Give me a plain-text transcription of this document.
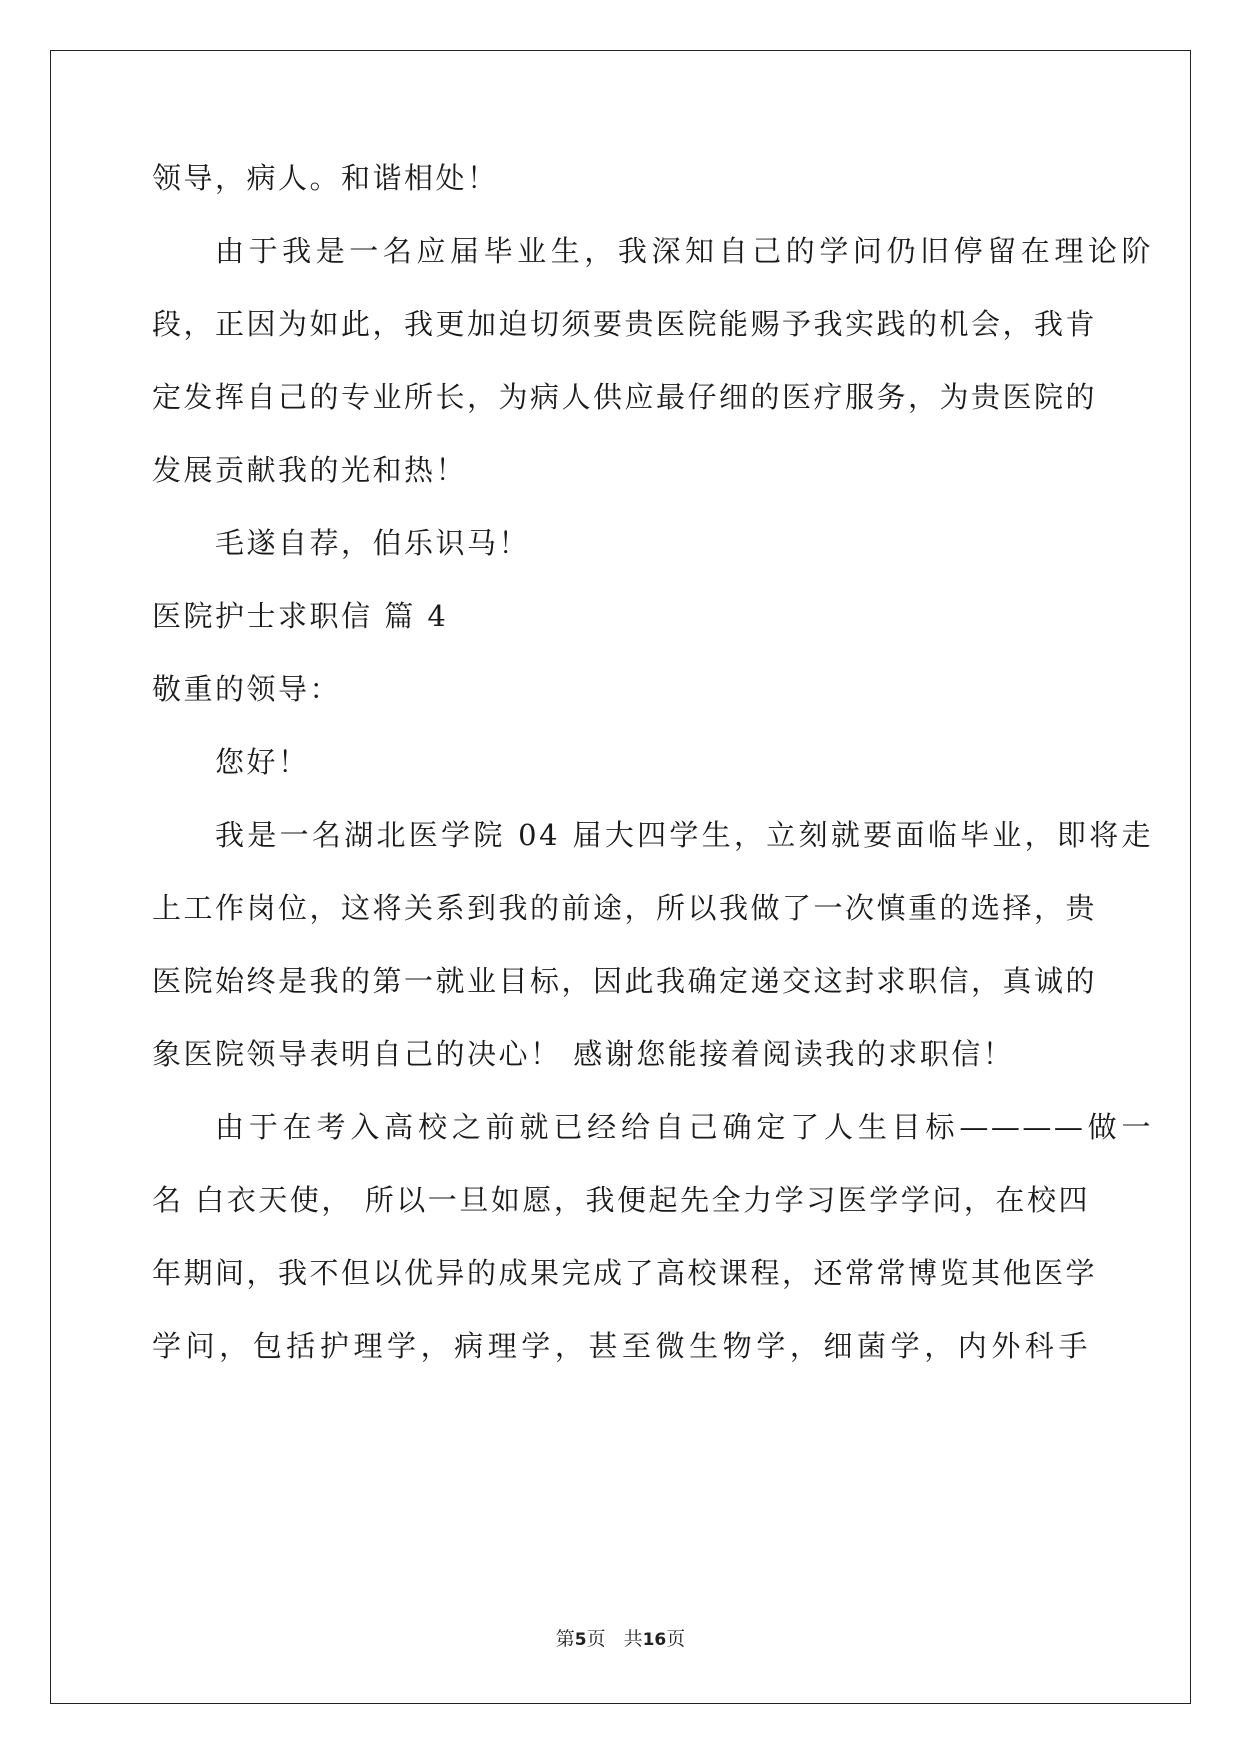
领导，病人。和谐相处！

由于我是一名应届毕业生，我深知自己的学问仍旧停留在理论阶

段，正因为如此，我更加迫切须要贵医院能赐予我实践的机会，我肯

定发挥自己的专业所长，为病人供应最仔细的医疗服务，为贵医院的

发展贡献我的光和热！

毛遂自荐，伯乐识马！

医院护士求职信 篇 4

敬重的领导：

您好！

我是一名湖北医学院 04 届大四学生，立刻就要面临毕业，即将走

上工作岗位，这将关系到我的前途，所以我做了一次慎重的选择，贵

医院始终是我的第一就业目标，因此我确定递交这封求职信，真诚的

象医院领导表明自己的决心！ 感谢您能接着阅读我的求职信！

由于在考入高校之前就已经给自己确定了人生目标————做一

名 白衣天使， 所以一旦如愿，我便起先全力学习医学学问，在校四

年期间，我不但以优异的成果完成了高校课程，还常常博览其他医学

学问，包括护理学，病理学，甚至微生物学，细菌学，内外科手

第5页 共16页
